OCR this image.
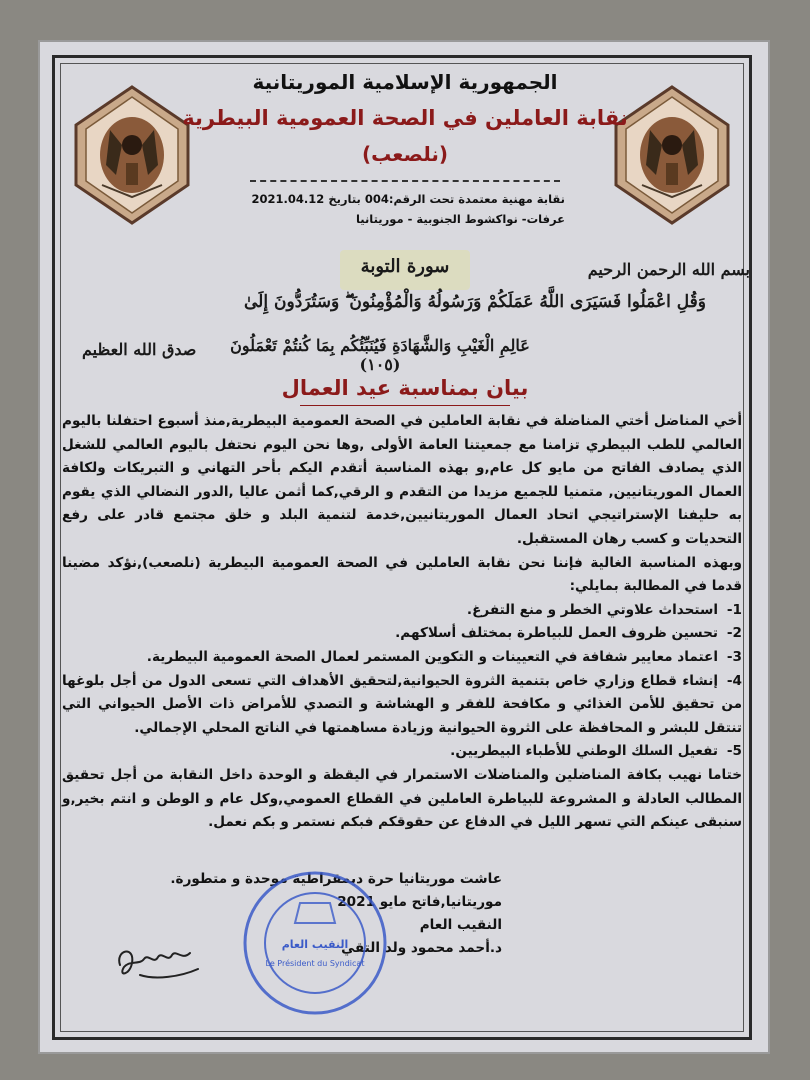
الجمهورية الإسلامية الموريتانية
نقابة العاملين في الصحة العمومية البيطرية
(نلصعب)
نقابة مهنية معتمدة تحت الرقم:004 بتاريخ 2021.04.12
عرفات- نواكشوط الجنوبية - موريتانيا
بسم الله الرحمن الرحيم
سورة التوبة
وَقُلِ اعْمَلُوا فَسَيَرَى اللَّهُ عَمَلَكُمْ وَرَسُولُهُ وَالْمُؤْمِنُونَ ۖ وَسَتُرَدُّونَ إِلَىٰ
عَالِمِ الْغَيْبِ وَالشَّهَادَةِ فَيُنَبِّئُكُم بِمَا كُنتُمْ تَعْمَلُونَ (١٠٥)
صدق الله العظيم
بيان بمناسبة عيد العمال

أخي المناضل أختي المناضلة في نقابة العاملين في الصحة العمومية البيطرية,منذ أسبوع احتفلنا باليوم العالمي للطب البيطري تزامنا مع جمعيتنا العامة الأولى ,وها نحن اليوم نحتفل باليوم العالمي للشغل الذي يصادف الفاتح من مايو كل عام,و بهذه المناسبة أتقدم اليكم بأحر التهاني و التبريكات ولكافة العمال الموريتانيين, متمنيا للجميع مزيدا من التقدم و الرقي,كما أثمن عاليا ,الدور النضالي الذي يقوم به حليفنا الإستراتيجي اتحاد العمال الموريتانيين,خدمة لتنمية البلد و خلق مجتمع قادر على رفع التحديات و كسب رهان المستقبل.

وبهذه المناسبة الغالية فإننا نحن نقابة العاملين في الصحة العمومية البيطرية (نلصعب),نؤكد مضينا قدما في المطالبة بمايلي:

1-استحداث علاوتي الخطر و منع التفرغ.
2-تحسين ظروف العمل للبياطرة بمختلف أسلاكهم.
3-اعتماد معايير شفافة في التعيينات و التكوين المستمر لعمال الصحة العمومية البيطرية.
4-إنشاء قطاع وزاري خاص بتنمية الثروة الحيوانية,لتحقيق الأهداف التي تسعى الدول من أجل بلوغها من تحقيق للأمن الغذائي و مكافحة للفقر و الهشاشة و التصدي للأمراض ذات الأصل الحيواني التي تنتقل للبشر و المحافظة على الثروة الحيوانية وزيادة مساهمتها في الناتج المحلي الإجمالي.
5-تفعيل السلك الوطني للأطباء البيطريين.

ختاما نهيب بكافة المناضلين والمناضلات الاستمرار في اليقظة و الوحدة داخل النقابة من أجل تحقيق المطالب العادلة و المشروعة للبياطرة العاملين في القطاع العمومي,وكل عام و الوطن و انتم بخير,و سنبقى عينكم التي تسهر الليل في الدفاع عن حقوقكم فبكم نستمر و بكم نعمل.

عاشت موريتانيا حرة ديمقراطية موحدة و متطورة.
موريتانيا,فاتح مايو 2021
النقيب العام
د.أحمد محمود ولد التقي
النقيب العام
Le Président du Syndicat
